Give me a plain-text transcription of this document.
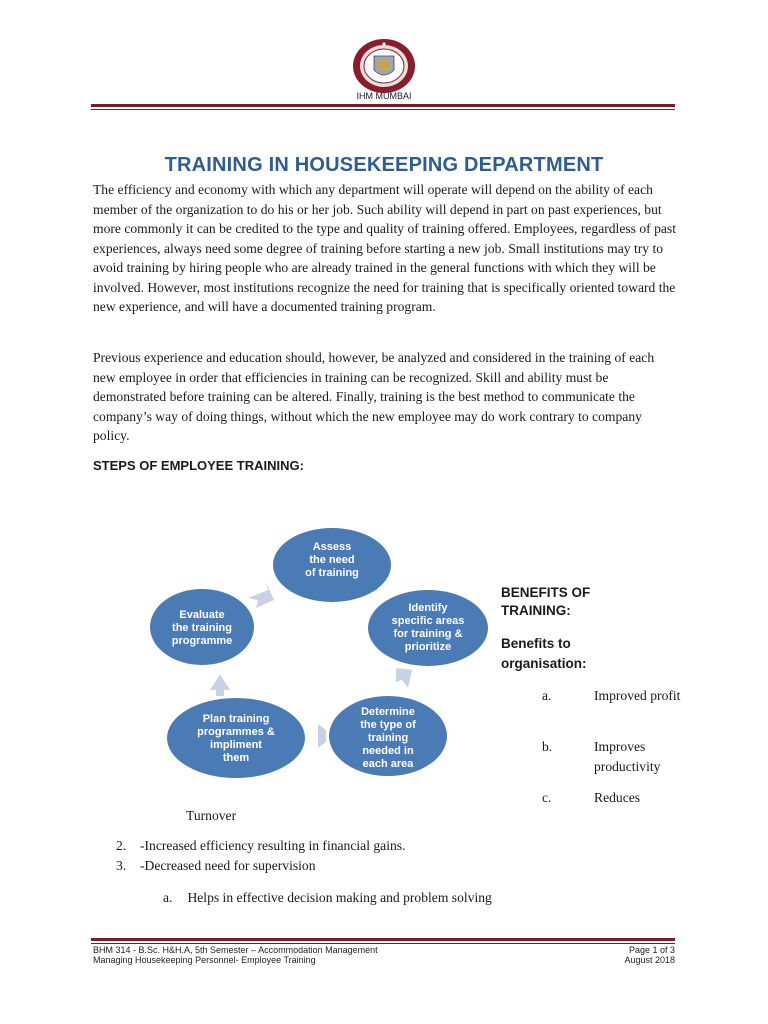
IHM MUMBAI
TRAINING IN HOUSEKEEPING DEPARTMENT
The efficiency and economy with which any department will operate will depend on the ability of each member of the organization to do his or her job. Such ability will depend in part on past experiences, but more commonly it can be credited to the type and quality of training offered. Employees, regardless of past experiences, always need some degree of training before starting a new job. Small institutions may try to avoid training by hiring people who are already trained in the general functions with which they will be involved. However, most institutions recognize the need for training that is specifically oriented toward the new experience, and will have a documented training program.
Previous experience and education should, however, be analyzed and considered in the training of each new employee in order that efficiencies in training can be recognized. Skill and ability must be demonstrated before training can be altered. Finally, training is the best method to communicate the company’s way of doing things, without which the new employee may do work contrary to company policy.
STEPS OF EMPLOYEE TRAINING:
Assess the need of training
Identify specific areas for training & prioritize
Determine the type of training needed in each area
Plan training programmes & impliment them
Evaluate the training programme
BENEFITS OF TRAINING:
Benefits to organisation:
a.	Improved profit
b.	Improves productivity
c.	Reduces
Turnover
2. -Increased efficiency resulting in financial gains.
3. -Decreased need for supervision
a. Helps in effective decision making and problem solving
BHM 314 - B.Sc. H&H.A, 5th Semester – Accommodation Management
Managing Housekeeping Personnel- Employee Training
Page 1 of 3
August 2018
